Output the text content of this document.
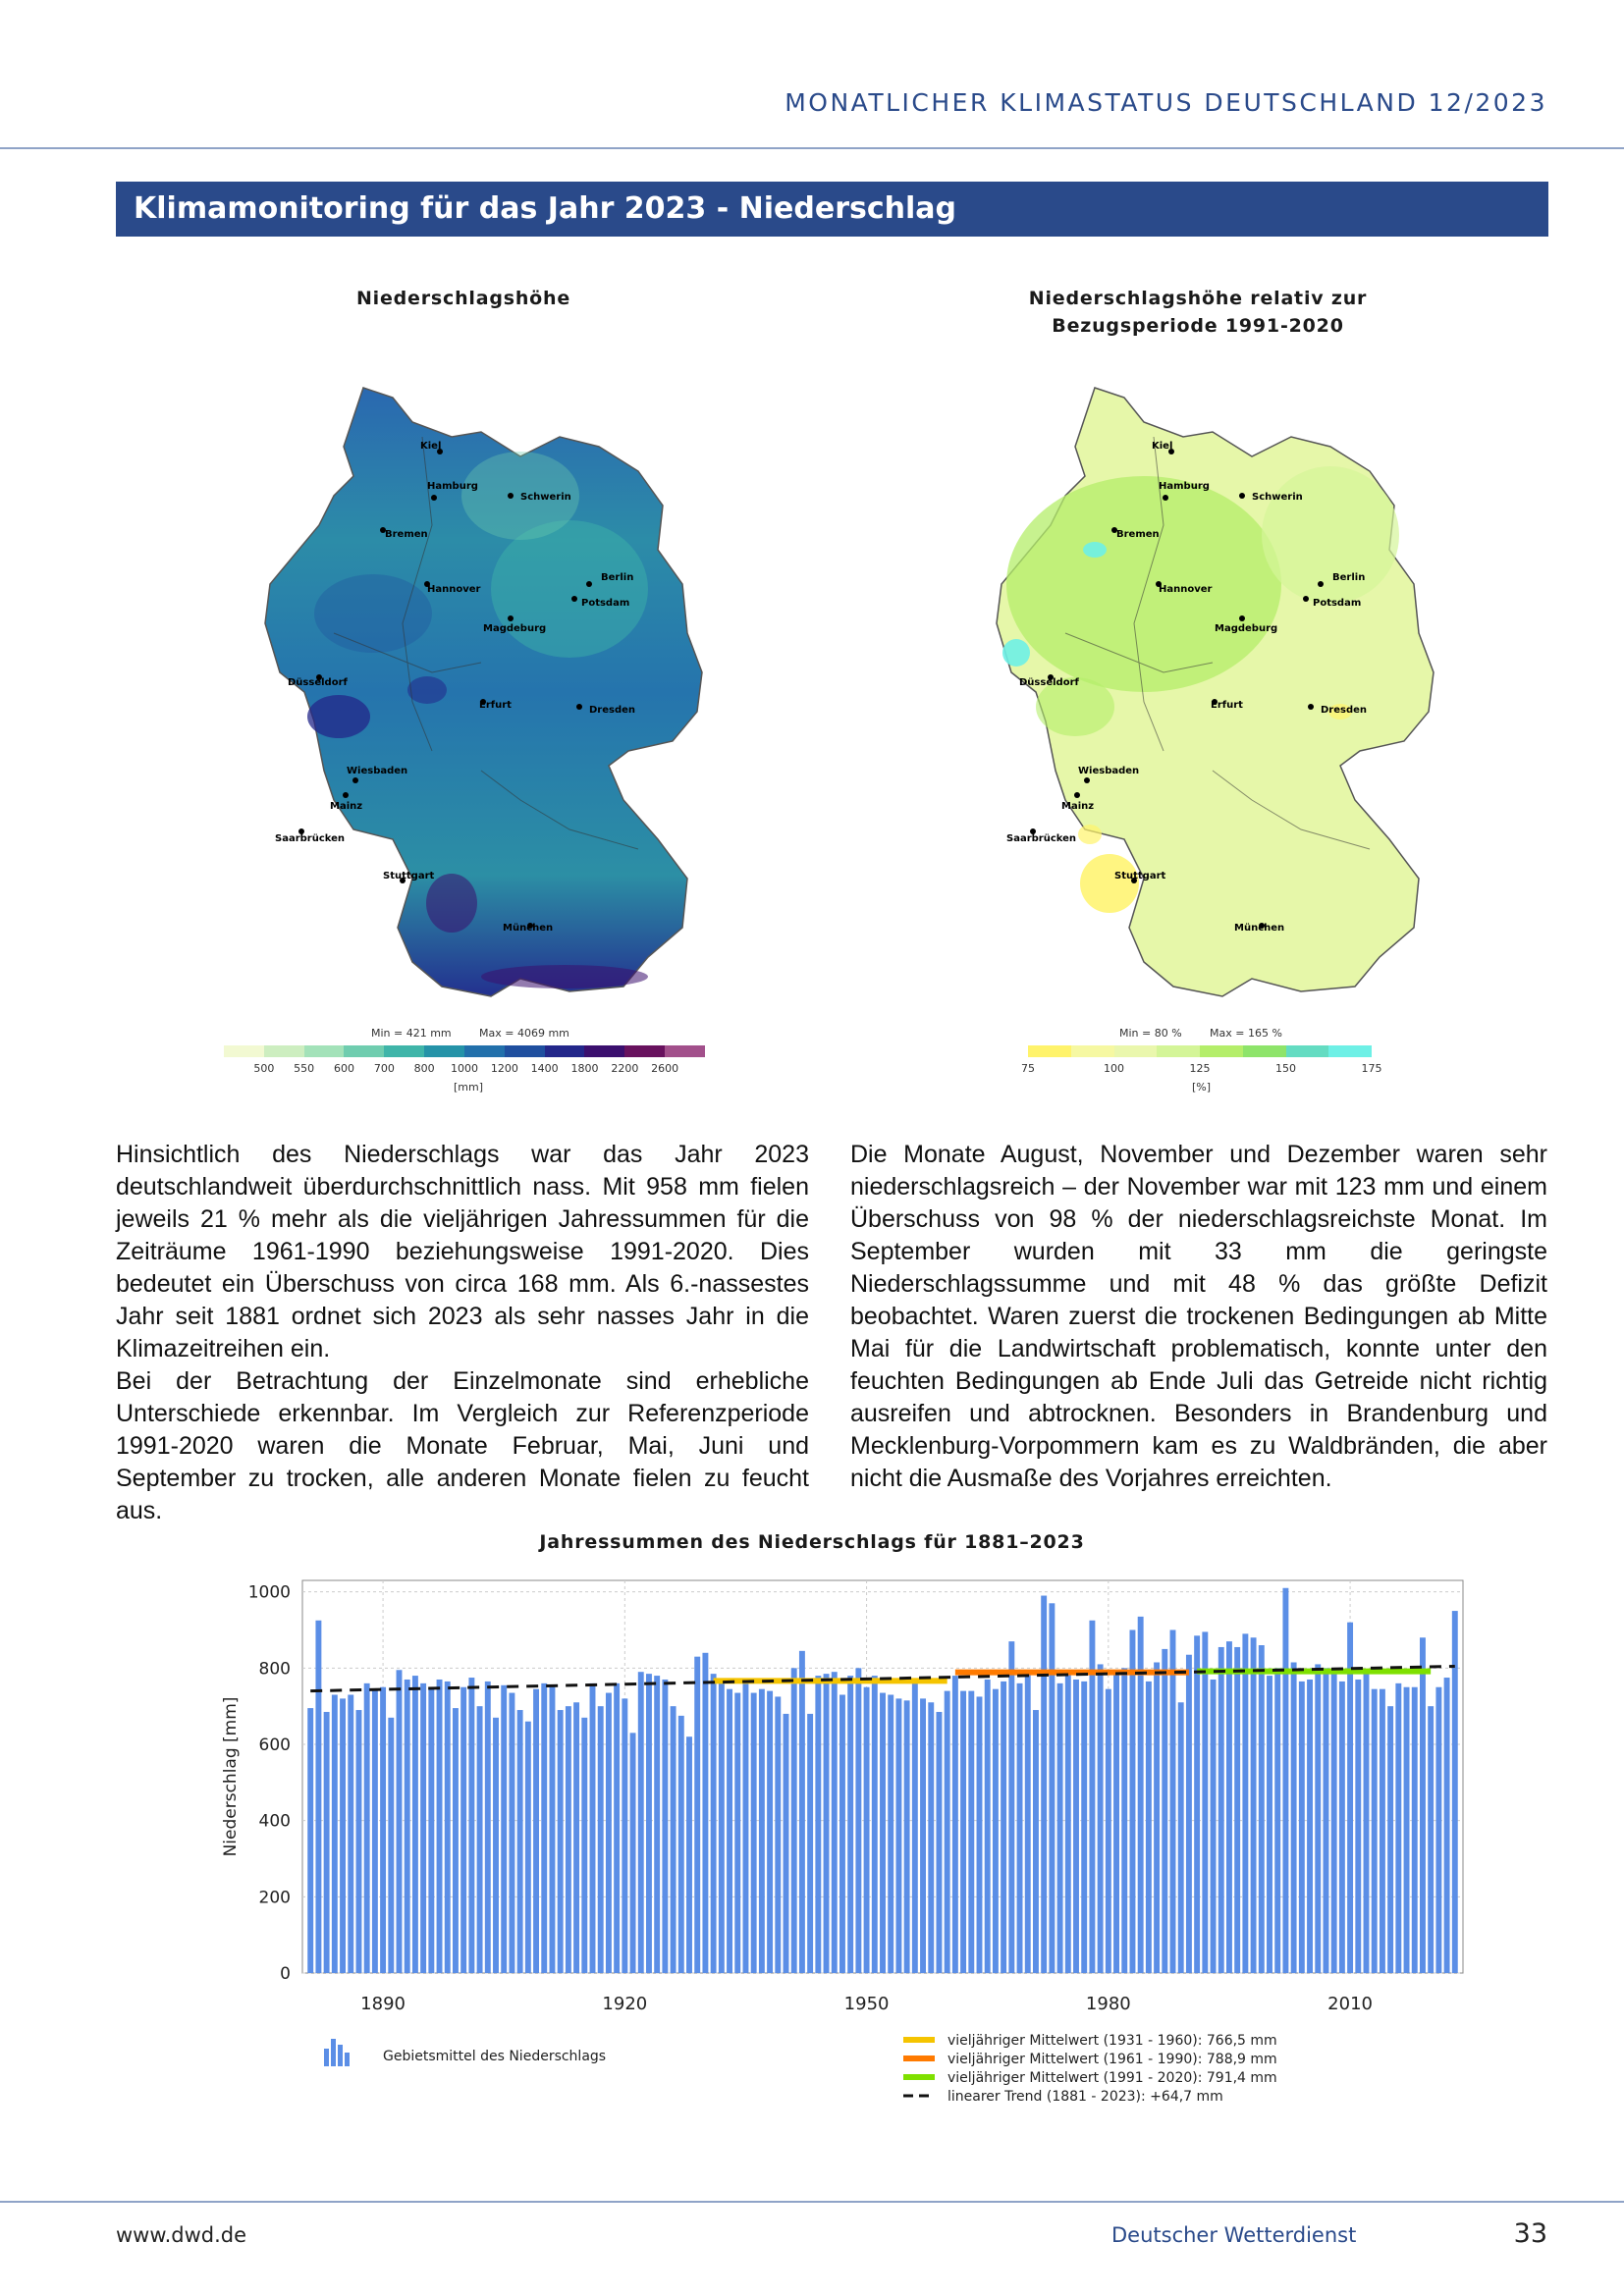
MONATLICHER KLIMASTATUS DEUTSCHLAND 12/2023
Klimamonitoring für das Jahr 2023 - Niederschlag
Niederschlagshöhe
Kiel
Hamburg
Schwerin
Bremen
Berlin
Hannover
Potsdam
Magdeburg
Düsseldorf
Erfurt	Dresden
Wiesbaden
Mainz
Saarbrücken
Stuttgart
München
Min = 421 mm	Max = 4069 mm
500 550 600 700 800 1000 1200 1400 1800 2200 2600
[mm]
Niederschlagshöhe relativ zur
Bezugsperiode 1991-2020
Kiel
Hamburg
Schwerin
Bremen
Berlin
Hannover
Potsdam
Magdeburg
Düsseldorf
Erfurt	Dresden
Wiesbaden
Mainz
Saarbrücken
Stuttgart
München
Min = 80 %	Max = 165 %
75	100	125	150	175
[%]

Hinsichtlich des Niederschlags war das Jahr 2023 deutschlandweit überdurchschnittlich nass. Mit 958 mm fielen jeweils 21 % mehr als die vieljährigen Jahressummen für die Zeiträume 1961-1990 beziehungsweise 1991-2020. Dies bedeutet ein Überschuss von circa 168 mm. Als 6.-nassestes Jahr seit 1881 ordnet sich 2023 als sehr nasses Jahr in die Klimazeitreihen ein.

Bei der Betrachtung der Einzelmonate sind erhebliche Unterschiede erkennbar. Im Vergleich zur Referenzperiode 1991-2020 waren die Monate Februar, Mai, Juni und September zu trocken, alle anderen Monate fielen zu feucht aus.

Die Monate August, November und Dezember waren sehr niederschlagsreich – der November war mit 123 mm und einem Überschuss von 98 % der niederschlagsreichste Monat. Im September wurden mit 33 mm die geringste Niederschlagssumme und mit 48 % das größte Defizit beobachtet. Waren zuerst die trockenen Bedingungen ab Mitte Mai für die Landwirtschaft problematisch, konnte unter den feuchten Bedingungen ab Ende Juli das Getreide nicht richtig ausreifen und abtrocknen. Besonders in Brandenburg und Mecklenburg-Vorpommern kam es zu Waldbränden, die aber nicht die Ausmaße des Vorjahres erreichten.

Jahressummen des Niederschlags für 1881–2023
0
200
400
600
800
1000
1890	1920	1950	1980	2010
Niederschlag [mm]
Gebietsmittel des Niederschlags
vieljähriger Mittelwert (1931 - 1960): 766,5 mm
vieljähriger Mittelwert (1961 - 1990): 788,9 mm
vieljähriger Mittelwert (1991 - 2020): 791,4 mm
linearer Trend (1881 - 2023): +64,7 mm
www.dwd.de	Deutscher Wetterdienst	33
